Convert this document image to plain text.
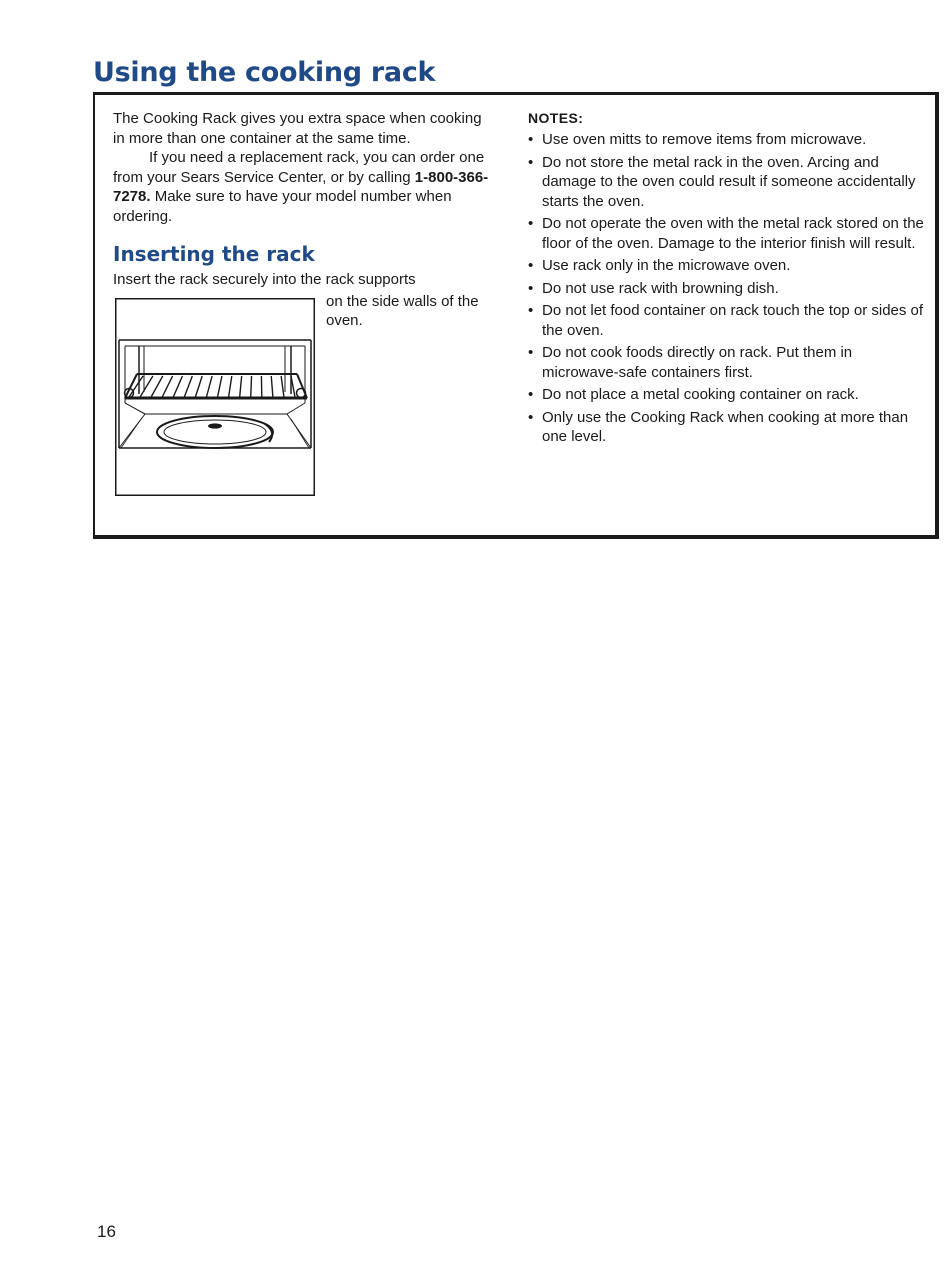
Using the cooking rack

The Cooking Rack gives you extra space when cooking in more than one container at the same time.

If you need a replacement rack, you can order one from your Sears Service Center, or by calling 1-800-366-7278. Make sure to have your model number when ordering.

Inserting the rack

Insert the rack securely into the rack supports

on the side walls of the oven.
NOTES:
• Use oven mitts to remove items from microwave.
• Do not store the metal rack in the oven. Arcing and damage to the oven could result if someone accidentally starts the oven.
• Do not operate the oven with the metal rack stored on the floor of the oven. Damage to the interior finish will result.
• Use rack only in the microwave oven.
• Do not use rack with browning dish.
• Do not let food container on rack touch the top or sides of the oven.
• Do not cook foods directly on rack. Put them in microwave-safe containers first.
• Do not place a metal cooking container on rack.
• Only use the Cooking Rack when cooking at more than one level.
16
